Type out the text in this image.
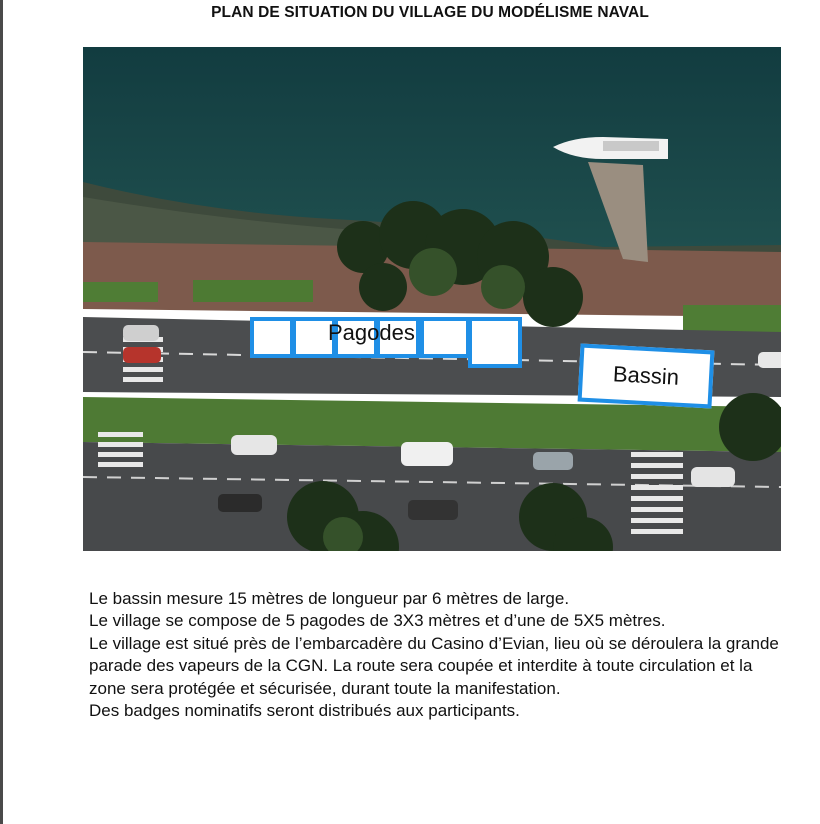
PLAN DE SITUATION DU VILLAGE DU MODÉLISME NAVAL
Pagodes
Bassin

Le bassin mesure 15 mètres de longueur par 6 mètres de large.

Le village se compose de 5 pagodes de 3X3 mètres et d’une de 5X5 mètres.

Le village est situé près de l’embarcadère du Casino d’Evian, lieu où se déroulera la grande parade des vapeurs de la CGN. La route sera coupée et interdite à toute circulation et la zone sera protégée et sécurisée, durant toute la manifestation.

Des badges nominatifs seront distribués aux participants.
